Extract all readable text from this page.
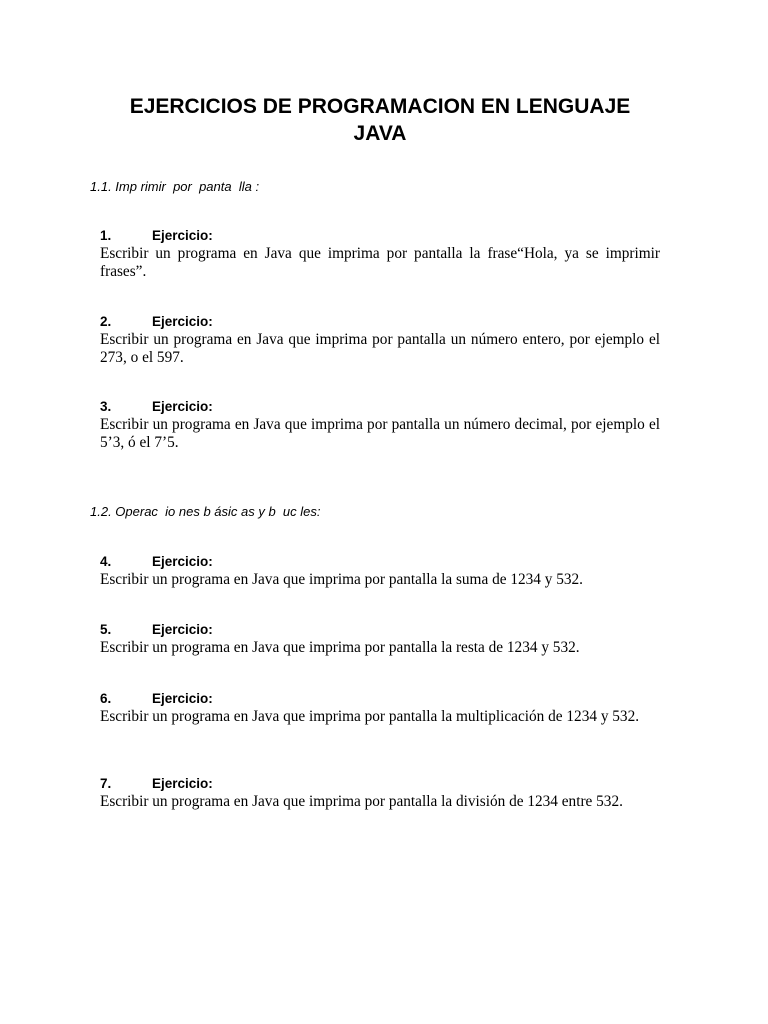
EJERCICIOS DE PROGRAMACION EN LENGUAJE
JAVA
1.1. Imp rimir  por  panta  lla :
1.	Ejercicio:

Escribir un programa en Java que imprima por pantalla la frase“Hola, ya se imprimir frases”.

2.	Ejercicio:

Escribir un programa en Java que imprima por pantalla un número entero, por ejemplo el 273, o el 597.

3.	Ejercicio:

Escribir un programa en Java que imprima por pantalla un número decimal, por ejemplo el 5’3, ó el 7’5.

1.2. Operac  io nes b ásic as y b  uc les:
4.	Ejercicio:

Escribir un programa en Java que imprima por pantalla la suma de 1234 y 532.

5.	Ejercicio:

Escribir un programa en Java que imprima por pantalla la resta de 1234 y 532.

6.	Ejercicio:

Escribir un programa en Java que imprima por pantalla la multiplicación de 1234 y 532.

7.	Ejercicio:

Escribir un programa en Java que imprima por pantalla la división de 1234 entre 532.
